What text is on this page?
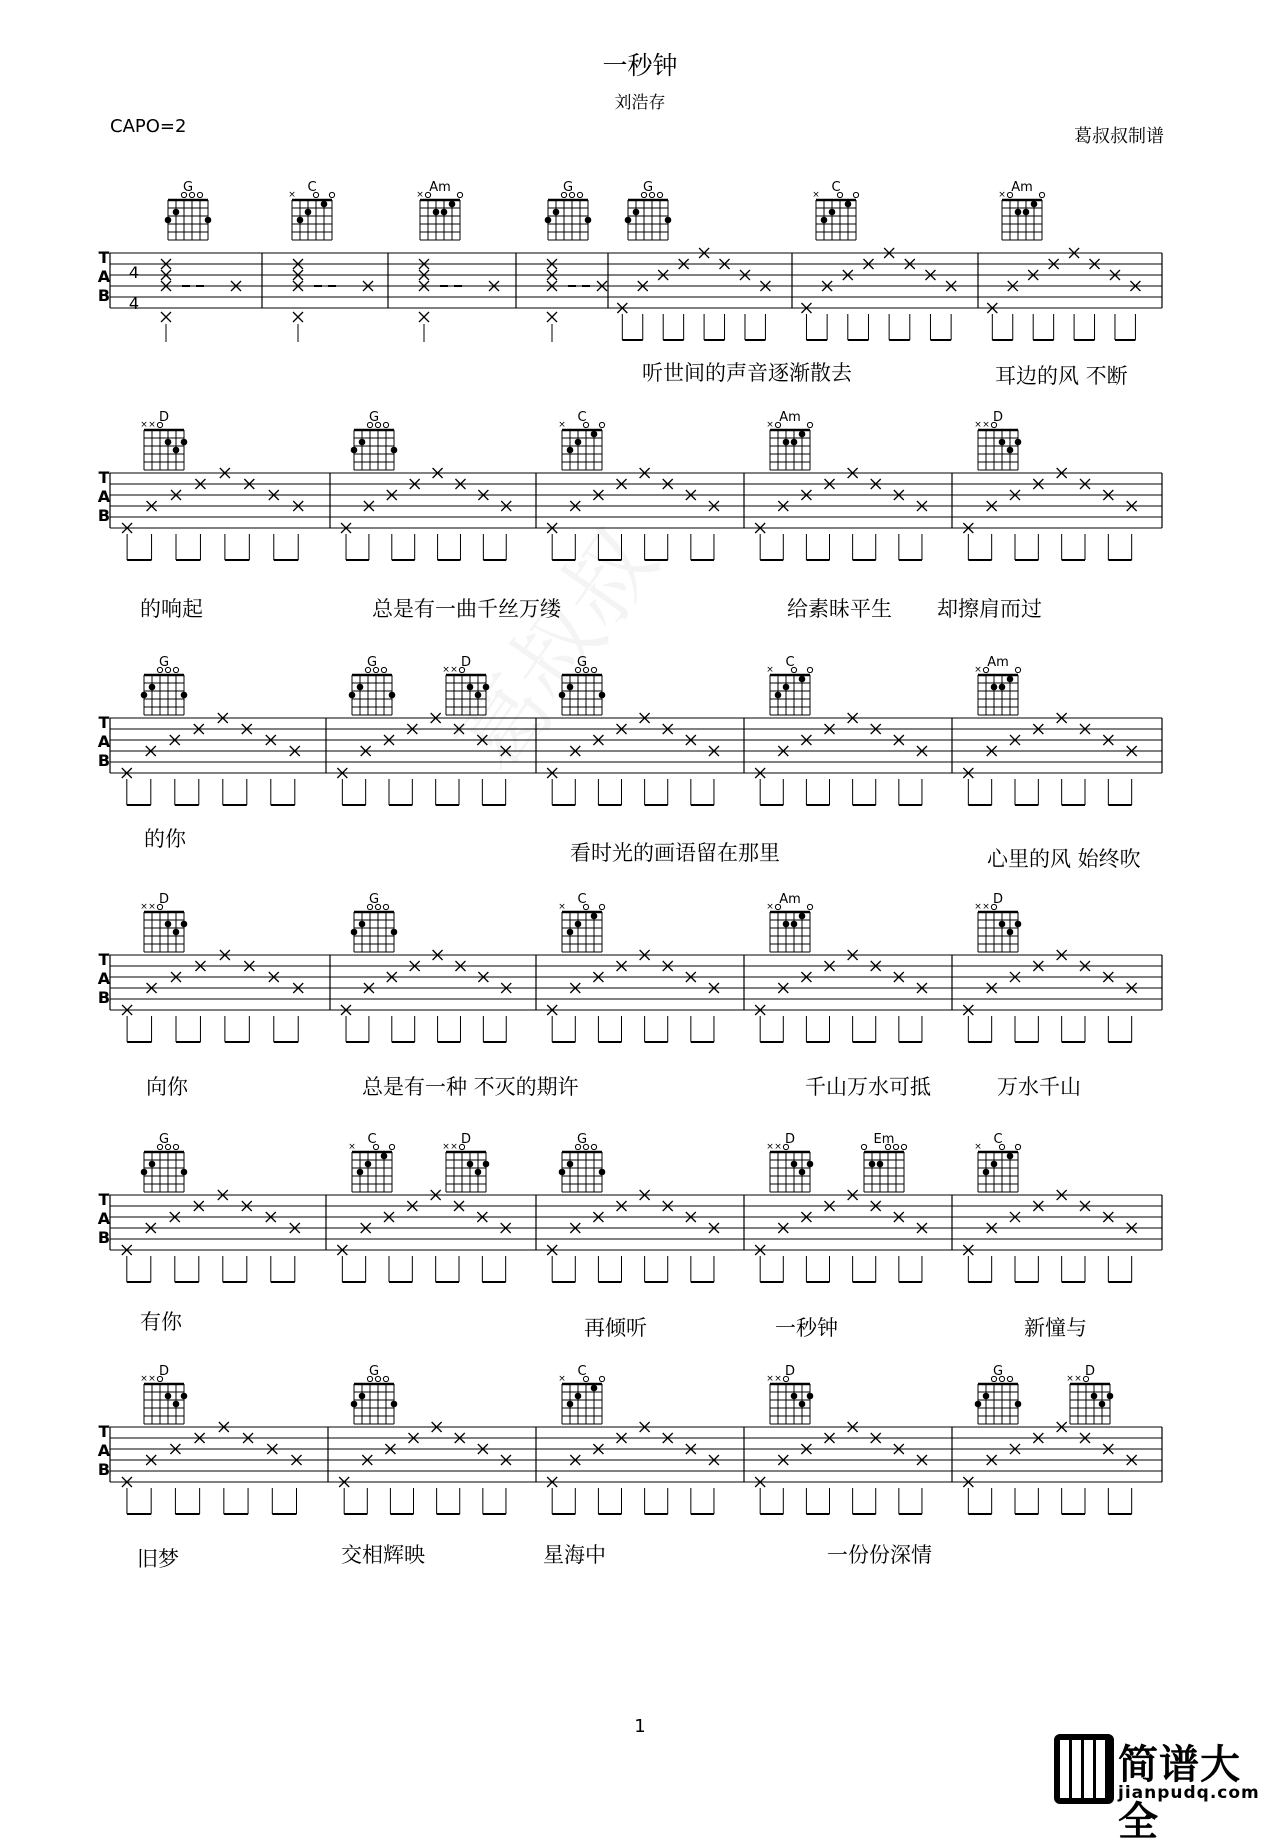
一秒钟
刘浩存
CAPO=2	葛叔叔制谱
T
A
B
4
4
G	C
×	Am
×	G	G	C
×	Am
×
T
A
B
D
× ×	G	C
×	Am
×	D
× ×
T
A
B
G	G	D
× ×	G	C
×	Am
×
T
A
B
D
× ×	G	C
×	Am
×	D
× ×
T
A
B
G	C
×	D
× ×	G	D
× ×	Em	C
×
T
A
B
D
× ×	G	C
×	D
× ×	G	D
× ×
听世间的声音逐渐散去	耳边的风 不断
的响起	总是有一曲千丝万缕	给素昧平生 却擦肩而过
的你
看时光的画语留在那里	心里的风 始终吹
向你	总是有一种 不灭的期许	千山万水可抵	万水千山
有你	再倾听	一秒钟	新憧与
旧梦	交相辉映	星海中	一份份深情
1
简谱大全
jianpudq.com
